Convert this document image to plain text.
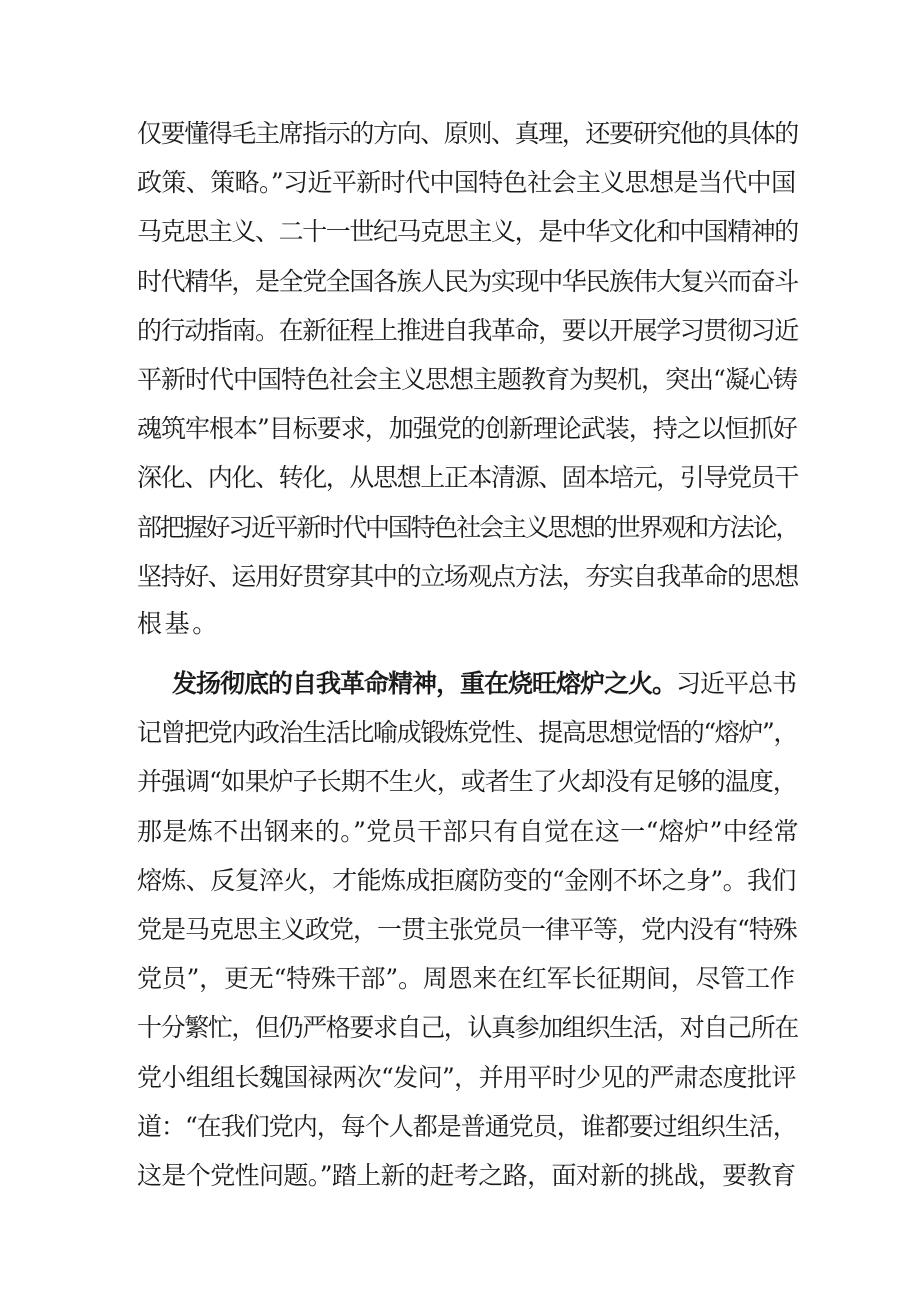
仅要懂得毛主席指示的方向、原则、真理，还要研究他的具体的
政策、策略。”习近平新时代中国特色社会主义思想是当代中国
马克思主义、二十一世纪马克思主义，是中华文化和中国精神的
时代精华，是全党全国各族人民为实现中华民族伟大复兴而奋斗
的行动指南。在新征程上推进自我革命，要以开展学习贯彻习近
平新时代中国特色社会主义思想主题教育为契机，突出“凝心铸
魂筑牢根本”目标要求，加强党的创新理论武装，持之以恒抓好
深化、内化、转化，从思想上正本清源、固本培元，引导党员干
部把握好习近平新时代中国特色社会主义思想的世界观和方法论，
坚持好、运用好贯穿其中的立场观点方法，夯实自我革命的思想
根基。
发扬彻底的自我革命精神，重在烧旺熔炉之火。习近平总书
记曾把党内政治生活比喻成锻炼党性、提高思想觉悟的“熔炉”，
并强调“如果炉子长期不生火，或者生了火却没有足够的温度，
那是炼不出钢来的。”党员干部只有自觉在这一“熔炉”中经常
熔炼、反复淬火，才能炼成拒腐防变的“金刚不坏之身”。我们
党是马克思主义政党，一贯主张党员一律平等，党内没有“特殊
党员”，更无“特殊干部”。周恩来在红军长征期间，尽管工作
十分繁忙，但仍严格要求自己，认真参加组织生活，对自己所在
党小组组长魏国禄两次“发问”，并用平时少见的严肃态度批评
道：“在我们党内，每个人都是普通党员，谁都要过组织生活，
这是个党性问题。”踏上新的赶考之路，面对新的挑战，要教育
